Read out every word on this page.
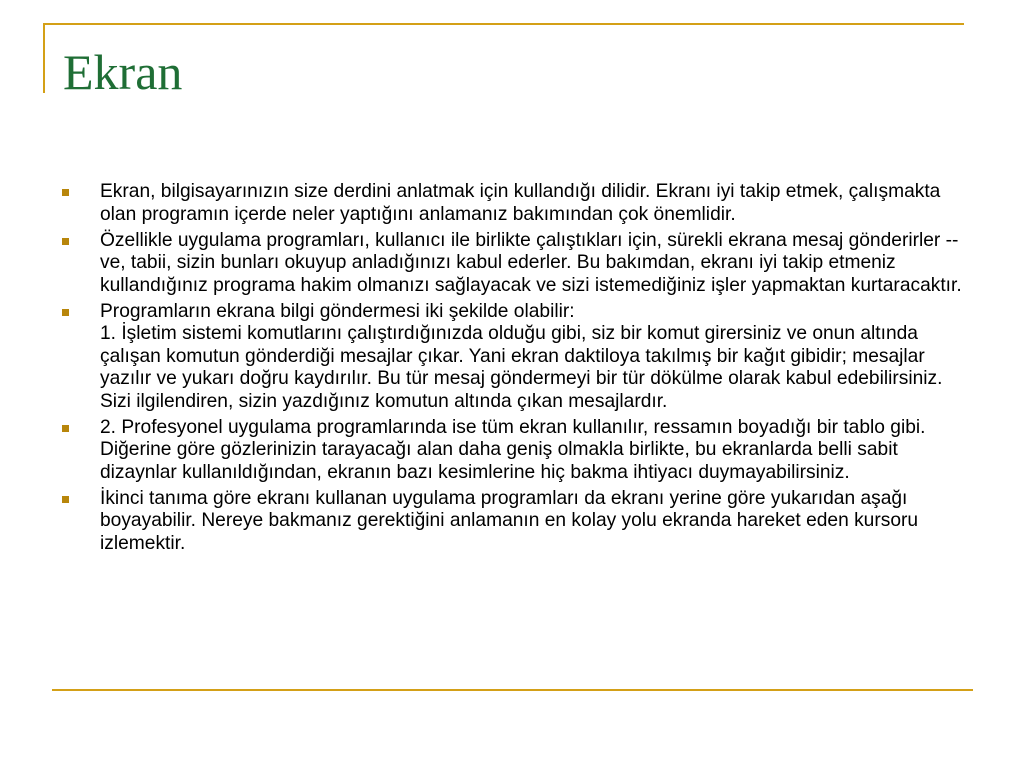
Ekran
Ekran, bilgisayarınızın size derdini anlatmak için kullandığı dilidir. Ekranı iyi takip etmek, çalışmakta olan programın içerde neler yaptığını anlamanız bakımından çok önemlidir.
Özellikle uygulama programları, kullanıcı ile birlikte çalıştıkları için, sürekli ekrana mesaj gönderirler -- ve, tabii, sizin bunları okuyup anladığınızı kabul ederler. Bu bakımdan, ekranı iyi takip etmeniz kullandığınız programa hakim olmanızı sağlayacak ve sizi istemediğiniz işler yapmaktan kurtaracaktır.
Programların ekrana bilgi göndermesi iki şekilde olabilir:
1. İşletim sistemi komutlarını çalıştırdığınızda olduğu gibi, siz bir komut girersiniz ve onun altında çalışan komutun gönderdiği mesajlar çıkar. Yani ekran daktiloya takılmış bir kağıt gibidir; mesajlar yazılır ve yukarı doğru kaydırılır. Bu tür mesaj göndermeyi bir tür dökülme olarak kabul edebilirsiniz. Sizi ilgilendiren, sizin yazdığınız komutun altında çıkan mesajlardır.
2. Profesyonel uygulama programlarında ise tüm ekran kullanılır, ressamın boyadığı bir tablo gibi. Diğerine göre gözlerinizin tarayacağı alan daha geniş olmakla birlikte, bu ekranlarda belli sabit dizaynlar kullanıldığından, ekranın bazı kesimlerine hiç bakma ihtiyacı duymayabilirsiniz.
İkinci tanıma göre ekranı kullanan uygulama programları da ekranı yerine göre yukarıdan aşağı boyayabilir. Nereye bakmanız gerektiğini anlamanın en kolay yolu ekranda hareket eden kursoru izlemektir.
